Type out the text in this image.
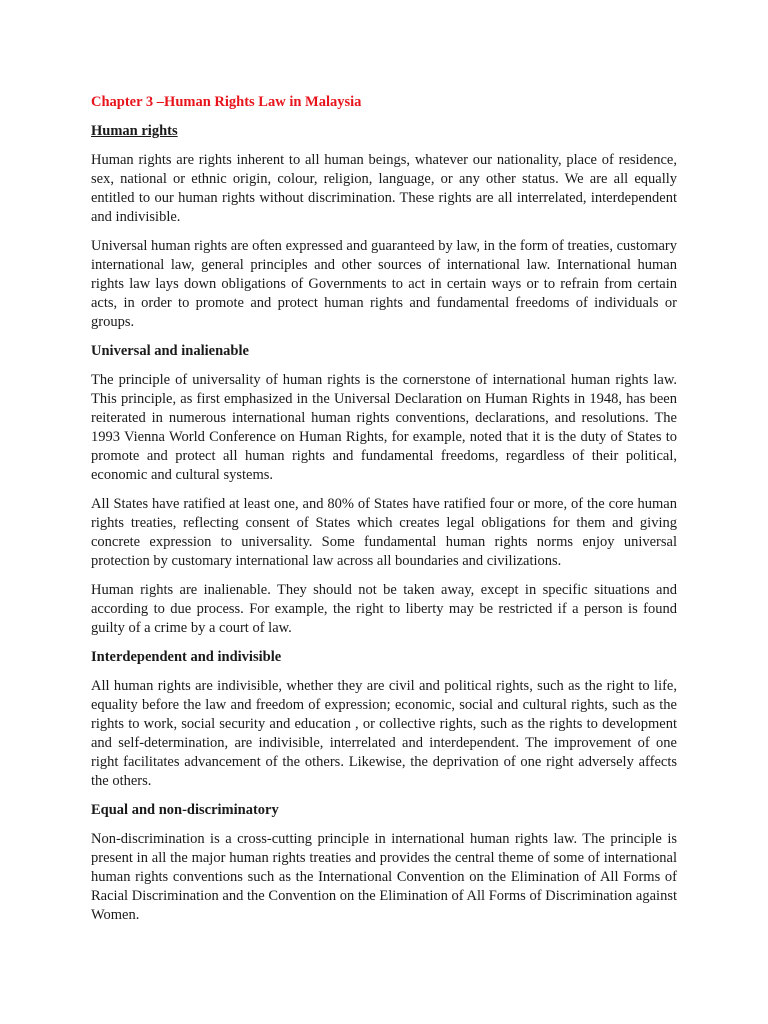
Chapter 3 –Human Rights Law in Malaysia
Human rights

Human rights are rights inherent to all human beings, whatever our nationality, place of residence, sex, national or ethnic origin, colour, religion, language, or any other status. We are all equally entitled to our human rights without discrimination. These rights are all interrelated, interdependent and indivisible.

Universal human rights are often expressed and guaranteed by law, in the form of treaties, customary international law, general principles and other sources of international law. International human rights law lays down obligations of Governments to act in certain ways or to refrain from certain acts, in order to promote and protect human rights and fundamental freedoms of individuals or groups.

Universal and inalienable

The principle of universality of human rights is the cornerstone of international human rights law. This principle, as first emphasized in the Universal Declaration on Human Rights in 1948, has been reiterated in numerous international human rights conventions, declarations, and resolutions. The 1993 Vienna World Conference on Human Rights, for example, noted that it is the duty of States to promote and protect all human rights and fundamental freedoms, regardless of their political, economic and cultural systems.

All States have ratified at least one, and 80% of States have ratified four or more, of the core human rights treaties, reflecting consent of States which creates legal obligations for them and giving concrete expression to universality. Some fundamental human rights norms enjoy universal protection by customary international law across all boundaries and civilizations.

Human rights are inalienable. They should not be taken away, except in specific situations and according to due process. For example, the right to liberty may be restricted if a person is found guilty of a crime by a court of law.

Interdependent and indivisible

All human rights are indivisible, whether they are civil and political rights, such as the right to life, equality before the law and freedom of expression; economic, social and cultural rights, such as the rights to work, social security and education , or collective rights, such as the rights to development and self-determination, are indivisible, interrelated and interdependent. The improvement of one right facilitates advancement of the others. Likewise, the deprivation of one right adversely affects the others.

Equal and non-discriminatory

Non-discrimination is a cross-cutting principle in international human rights law. The principle is present in all the major human rights treaties and provides the central theme of some of international human rights conventions such as the International Convention on the Elimination of All Forms of Racial Discrimination and the Convention on the Elimination of All Forms of Discrimination against Women.
